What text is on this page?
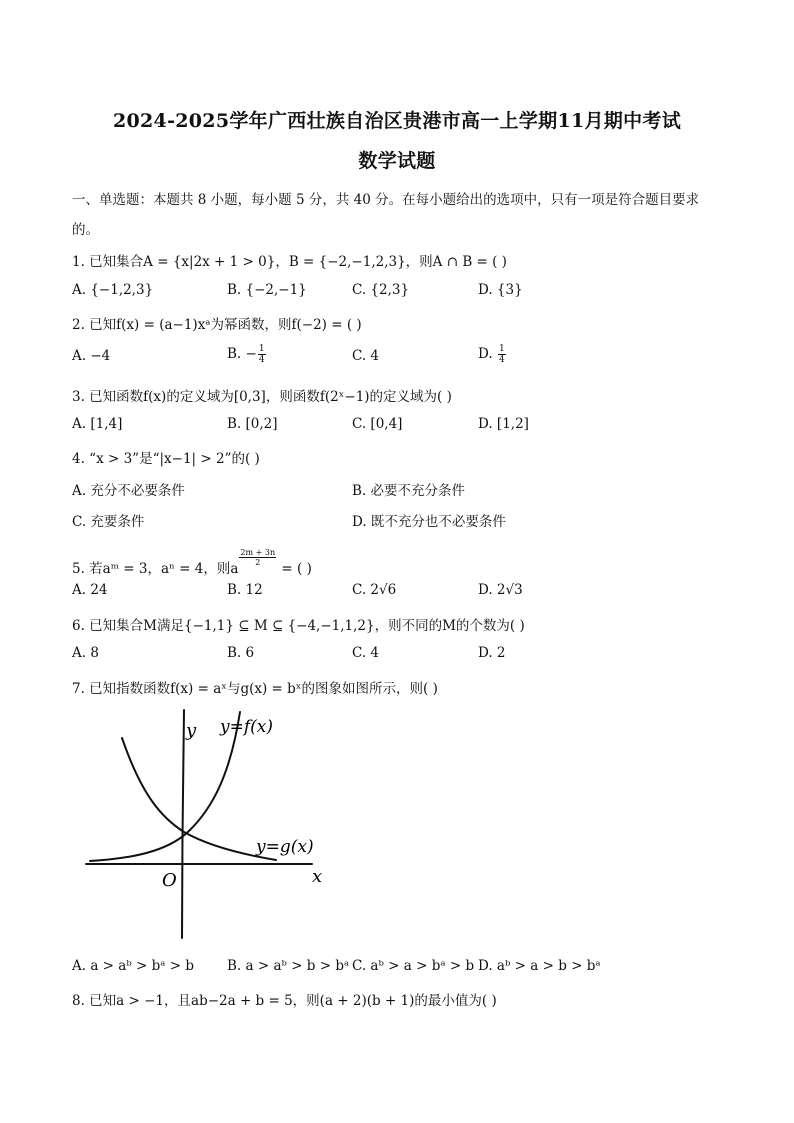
2024-2025学年广西壮族自治区贵港市高一上学期11月期中考试
数学试题
一、单选题：本题共 8 小题，每小题 5 分，共 40 分。在每小题给出的选项中，只有一项是符合题目要求
的。
1. 已知集合A = {x|2x + 1 > 0}，B = {−2,−1,2,3}，则A ∩ B = ( )
A. {−1,2,3}	B. {−2,−1}	C. {2,3}	D. {3}
2. 已知f(x) = (a−1)xᵃ为幂函数，则f(−2) = ( )
A. −4	B. − $\frac{1}{4}$	C. 4	D. $\frac{1}{4}$
3. 已知函数f(x)的定义域为[0,3]，则函数f(2ˣ−1)的定义域为( )
A. [1,4]	B. [0,2]	C. [0,4]	D. [1,2]
4. “x > 3”是“|x−1| > 2”的( )
A. 充分不必要条件	B. 必要不充分条件
C. 充要条件	D. 既不充分也不必要条件
5. 若aᵐ = 3，aⁿ = 4，则a
$\frac{2m + 3n}{2}$
= ( )
A. 24	B. 12	C. 2√6	D. 2√3
6. 已知集合M满足{−1,1} ⊆ M ⊆ {−4,−1,1,2}，则不同的M的个数为( )
A. 8	B. 6	C. 4	D. 2
7. 已知指数函数f(x) = aˣ与g(x) = bˣ的图象如图所示，则( )
y y=f(x)
y=g(x)
O	x
A. a > aᵇ > bᵃ > b B. a > aᵇ > b > bᵃ C. aᵇ > a > bᵃ > b D. aᵇ > a > b > bᵃ
8. 已知a > −1，且ab−2a + b = 5，则(a + 2)(b + 1)的最小值为( )
